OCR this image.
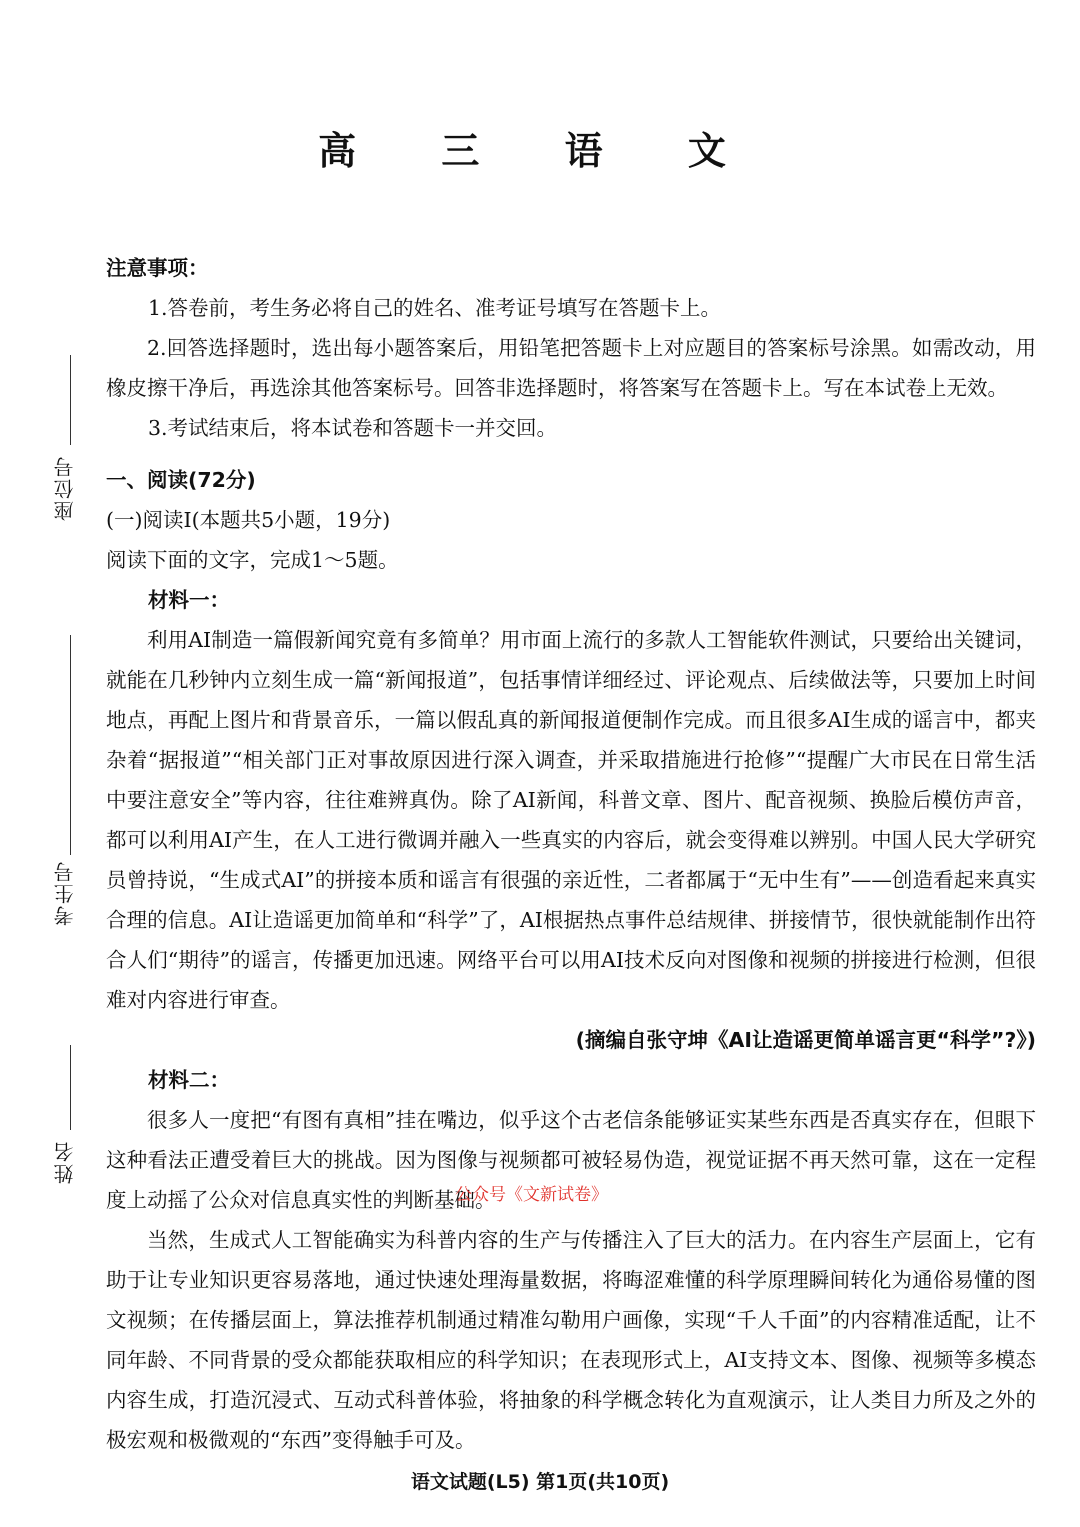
座位号
考生号
姓名
高 三 语 文

注意事项：

1.答卷前，考生务必将自己的姓名、准考证号填写在答题卡上。

2.回答选择题时，选出每小题答案后，用铅笔把答题卡上对应题目的答案标号涂黑。如需改动，用橡皮擦干净后，再选涂其他答案标号。回答非选择题时，将答案写在答题卡上。写在本试卷上无效。

3.考试结束后，将本试卷和答题卡一并交回。

一、阅读(72分)

(一)阅读Ⅰ(本题共5小题，19分)

阅读下面的文字，完成1～5题。

材料一：

利用AI制造一篇假新闻究竟有多简单？用市面上流行的多款人工智能软件测试，只要给出关键词，就能在几秒钟内立刻生成一篇“新闻报道”，包括事情详细经过、评论观点、后续做法等，只要加上时间地点，再配上图片和背景音乐，一篇以假乱真的新闻报道便制作完成。而且很多AI生成的谣言中，都夹杂着“据报道”“相关部门正对事故原因进行深入调查，并采取措施进行抢修”“提醒广大市民在日常生活中要注意安全”等内容，往往难辨真伪。除了AI新闻，科普文章、图片、配音视频、换脸后模仿声音，都可以利用AI产生，在人工进行微调并融入一些真实的内容后，就会变得难以辨别。中国人民大学研究员曾持说，“生成式AI”的拼接本质和谣言有很强的亲近性，二者都属于“无中生有”——创造看起来真实合理的信息。AI让造谣更加简单和“科学”了，AI根据热点事件总结规律、拼接情节，很快就能制作出符合人们“期待”的谣言，传播更加迅速。网络平台可以用AI技术反向对图像和视频的拼接进行检测，但很难对内容进行审查。

(摘编自张守坤《AI让造谣更简单谣言更“科学”?》)

材料二：

很多人一度把“有图有真相”挂在嘴边，似乎这个古老信条能够证实某些东西是否真实存在，但眼下这种看法正遭受着巨大的挑战。因为图像与视频都可被轻易伪造，视觉证据不再天然可靠，这在一定程度上动摇了公众对信息真实性的判断基础。

当然，生成式人工智能确实为科普内容的生产与传播注入了巨大的活力。在内容生产层面上，它有助于让专业知识更容易落地，通过快速处理海量数据，将晦涩难懂的科学原理瞬间转化为通俗易懂的图文视频；在传播层面上，算法推荐机制通过精准勾勒用户画像，实现“千人千面”的内容精准适配，让不同年龄、不同背景的受众都能获取相应的科学知识；在表现形式上，AI支持文本、图像、视频等多模态内容生成，打造沉浸式、互动式科普体验，将抽象的科学概念转化为直观演示，让人类目力所及之外的极宏观和极微观的“东西”变得触手可及。

公众号《文新试卷》
语文试题(L5) 第1页(共10页)
